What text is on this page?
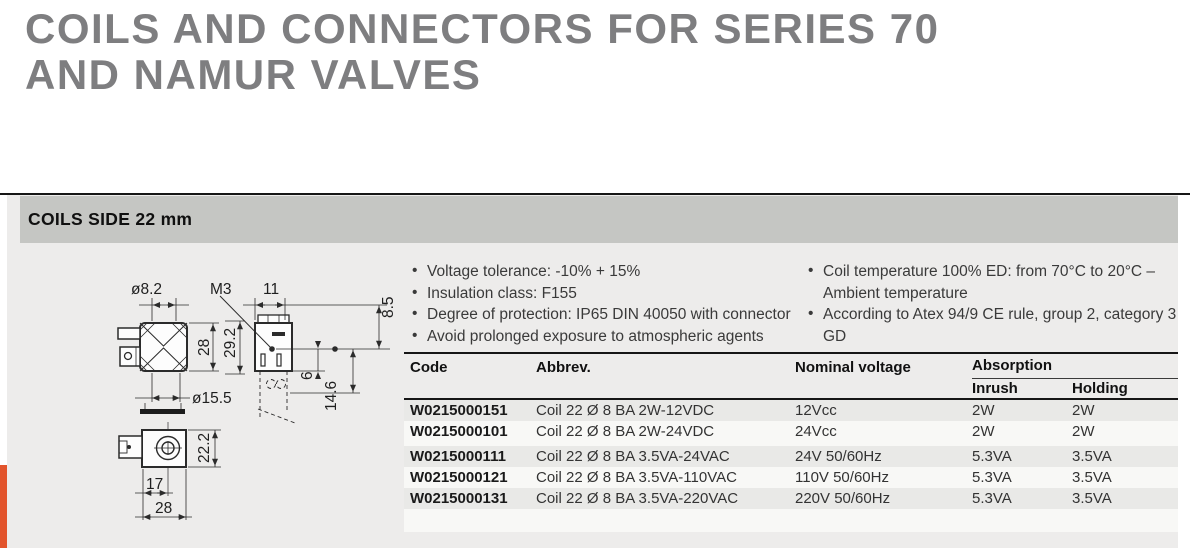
COILS AND CONNECTORS FOR SERIES 70
AND NAMUR VALVES
COILS SIDE 22 mm
ø8.2	M3 11
8.5
28 29.2
6
14.6
ø15.5
22.2
17
28
• Voltage tolerance: -10% + 15%
• Insulation class: F155
• Degree of protection: IP65 DIN 40050 with connector
• Avoid prolonged exposure to atmospheric agents
• Coil temperature 100% ED: from 70°C to 20°C –
Ambient temperature
• According to Atex 94/9 CE rule, group 2, category 3 GD
Code	Abbrev.	Nominal voltage	Absorption
Inrush	Holding
W0215000151 Coil 22 Ø 8 BA 2W-12VDC	12Vcc	2W	2W
W0215000101 Coil 22 Ø 8 BA 2W-24VDC	24Vcc	2W	2W
W0215000111 Coil 22 Ø 8 BA 3.5VA-24VAC	24V 50/60Hz	5.3VA	3.5VA
W0215000121 Coil 22 Ø 8 BA 3.5VA-110VAC	110V 50/60Hz	5.3VA	3.5VA
W0215000131 Coil 22 Ø 8 BA 3.5VA-220VAC	220V 50/60Hz	5.3VA	3.5VA
